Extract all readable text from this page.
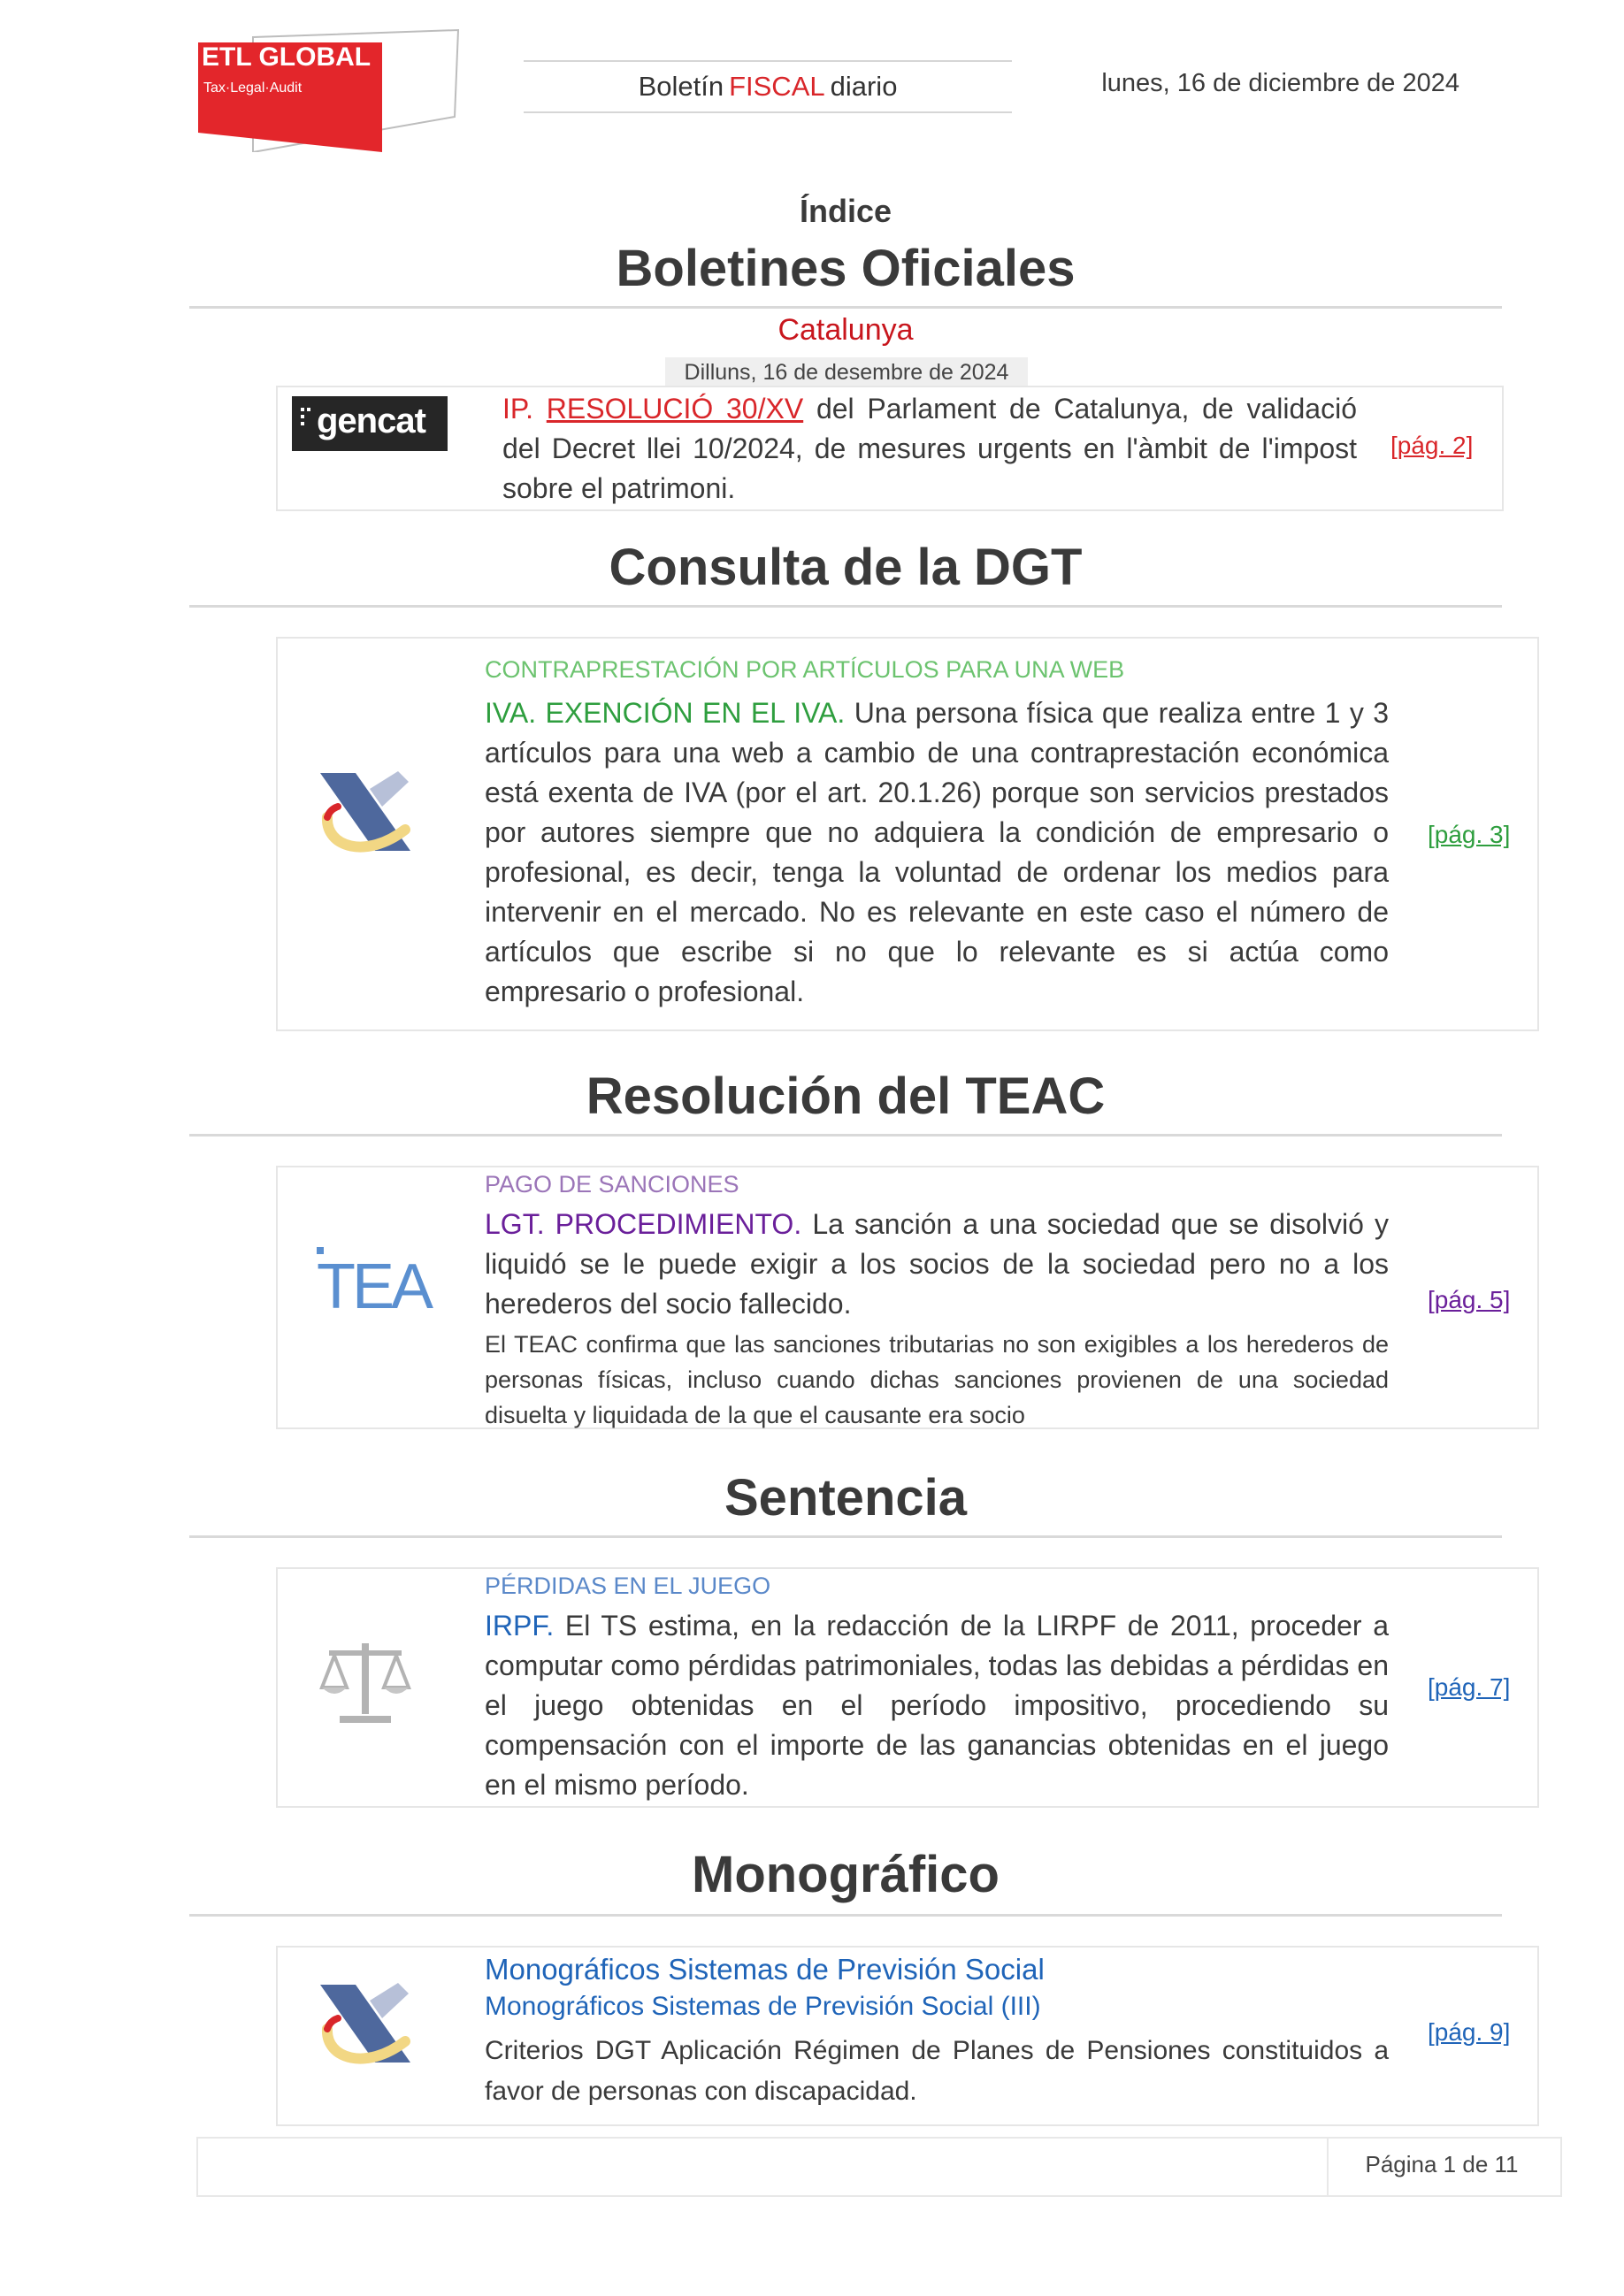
ETL GLOBAL
Tax·Legal·Audit	Boletín FISCAL diario	lunes, 16 de diciembre de 2024
Índice
Boletines Oficiales
Catalunya
Dilluns, 16 de desembre de 2024
gencat	IP. RESOLUCIÓ 30/XV del Parlament de Catalunya, de validació del Decret llei 10/2024, de mesures urgents en l'àmbit de l'impost sobre el patrimoni.
[pág. 2]
Consulta de la DGT
CONTRAPRESTACIÓN POR ARTÍCULOS PARA UNA WEB
IVA. EXENCIÓN EN EL IVA. Una persona física que realiza entre 1 y 3 artículos para una web a cambio de una contraprestación económica está exenta de IVA (por el art. 20.1.26) porque son servicios prestados por autores siempre que no adquiera la condición de empresario o profesional, es decir, tenga la voluntad de ordenar los medios para intervenir en el mercado. No es relevante en este caso el número de artículos que escribe si no que lo relevante es si actúa como empresario o profesional.
[pág. 3]
Resolución del TEAC
TEA
PAGO DE SANCIONES
LGT. PROCEDIMIENTO. La sanción a una sociedad que se disolvió y liquidó se le puede exigir a los socios de la sociedad pero no a los herederos del socio fallecido.
El TEAC confirma que las sanciones tributarias no son exigibles a los herederos de personas físicas, incluso cuando dichas sanciones provienen de una sociedad disuelta y liquidada de la que el causante era socio
[pág. 5]
Sentencia
PÉRDIDAS EN EL JUEGO
IRPF. El TS estima, en la redacción de la LIRPF de 2011, proceder a computar como pérdidas patrimoniales, todas las debidas a pérdidas en el juego obtenidas en el período impositivo, procediendo su compensación con el importe de las ganancias obtenidas en el juego en el mismo período.
[pág. 7]
Monográfico
Monográficos Sistemas de Previsión Social
Monográficos Sistemas de Previsión Social (III)
Criterios DGT Aplicación Régimen de Planes de Pensiones constituidos a favor de personas con discapacidad.
[pág. 9]
Página 1 de 11
